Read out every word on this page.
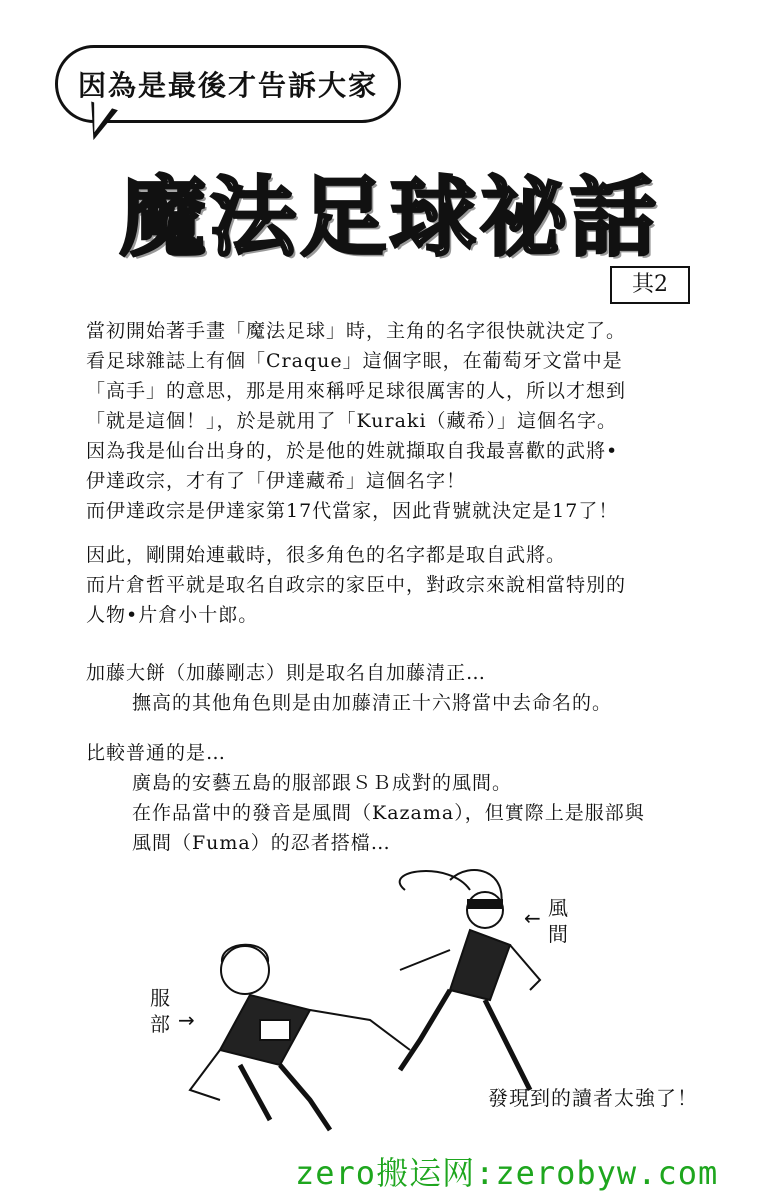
因為是最後才告訴大家
魔法足球祕話
其2
當初開始著手畫「魔法足球」時，主角的名字很快就決定了。
看足球雜誌上有個「Craque」這個字眼，在葡萄牙文當中是
「高手」的意思，那是用來稱呼足球很厲害的人，所以才想到
「就是這個！」，於是就用了「Kuraki（藏希）」這個名字。
因為我是仙台出身的，於是他的姓就擷取自我最喜歡的武將•
伊達政宗，才有了「伊達藏希」這個名字！
而伊達政宗是伊達家第17代當家，因此背號就決定是17了！
因此，剛開始連載時，很多角色的名字都是取自武將。
而片倉哲平就是取名自政宗的家臣中，對政宗來說相當特別的
人物•片倉小十郎。
加藤大餅（加藤剛志）則是取名自加藤清正…
撫高的其他角色則是由加藤清正十六將當中去命名的。
比較普通的是…
廣島的安藝五島的服部跟ＳＢ成對的風間。
在作品當中的發音是風間（Kazama），但實際上是服部與
風間（Fuma）的忍者搭檔…
← 風間
服部 →
發現到的讀者太強了！
zero搬运网:zerobyw.com
